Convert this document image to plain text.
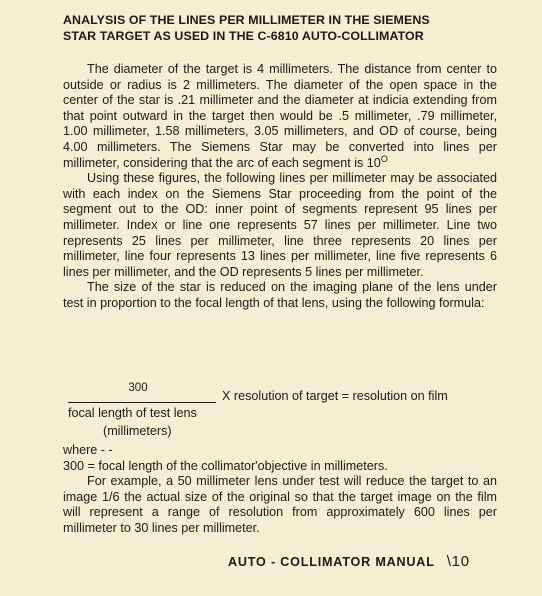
ANALYSIS OF THE LINES PER MILLIMETER IN THE SIEMENS
STAR TARGET AS USED IN THE C-6810 AUTO-COLLIMATOR

The diameter of the target is 4 millimeters. The distance from center to outside or radius is 2 millimeters. The diameter of the open space in the center of the star is .21 millimeter and the diameter at indicia extending from that point outward in the target then would be .5 millimeter, .79 millimeter, 1.00 millimeter, 1.58 millimeters, 3.05 millimeters, and OD of course, being 4.00 millimeters. The Siemens Star may be converted into lines per millimeter, considering that the arc of each segment is $10^O$

Using these figures, the following lines per millimeter may be associated with each index on the Siemens Star proceeding from the point of the segment out to the OD: inner point of segments represent 95 lines per millimeter. Index or line one represents 57 lines per millimeter. Line two represents 25 lines per millimeter, line three represents 20 lines per millimeter, line four represents 13 lines per millimeter, line five represents 6 lines per millimeter, and the OD represents 5 lines per millimeter.

The size of the star is reduced on the imaging plane of the lens under test in proportion to the focal length of that lens, using the following formula:

300
X resolution of target = resolution on film
focal length of test lens
(millimeters)
where - -
300 = focal length of the collimator'objective in millimeters.

For example, a 50 millimeter lens under test will reduce the target to an image 1/6 the actual size of the original so that the target image on the film will represent a range of resolution from approximately 600 lines per millimeter to 30 lines per millimeter.

AUTO - COLLIMATOR MANUAL \10
